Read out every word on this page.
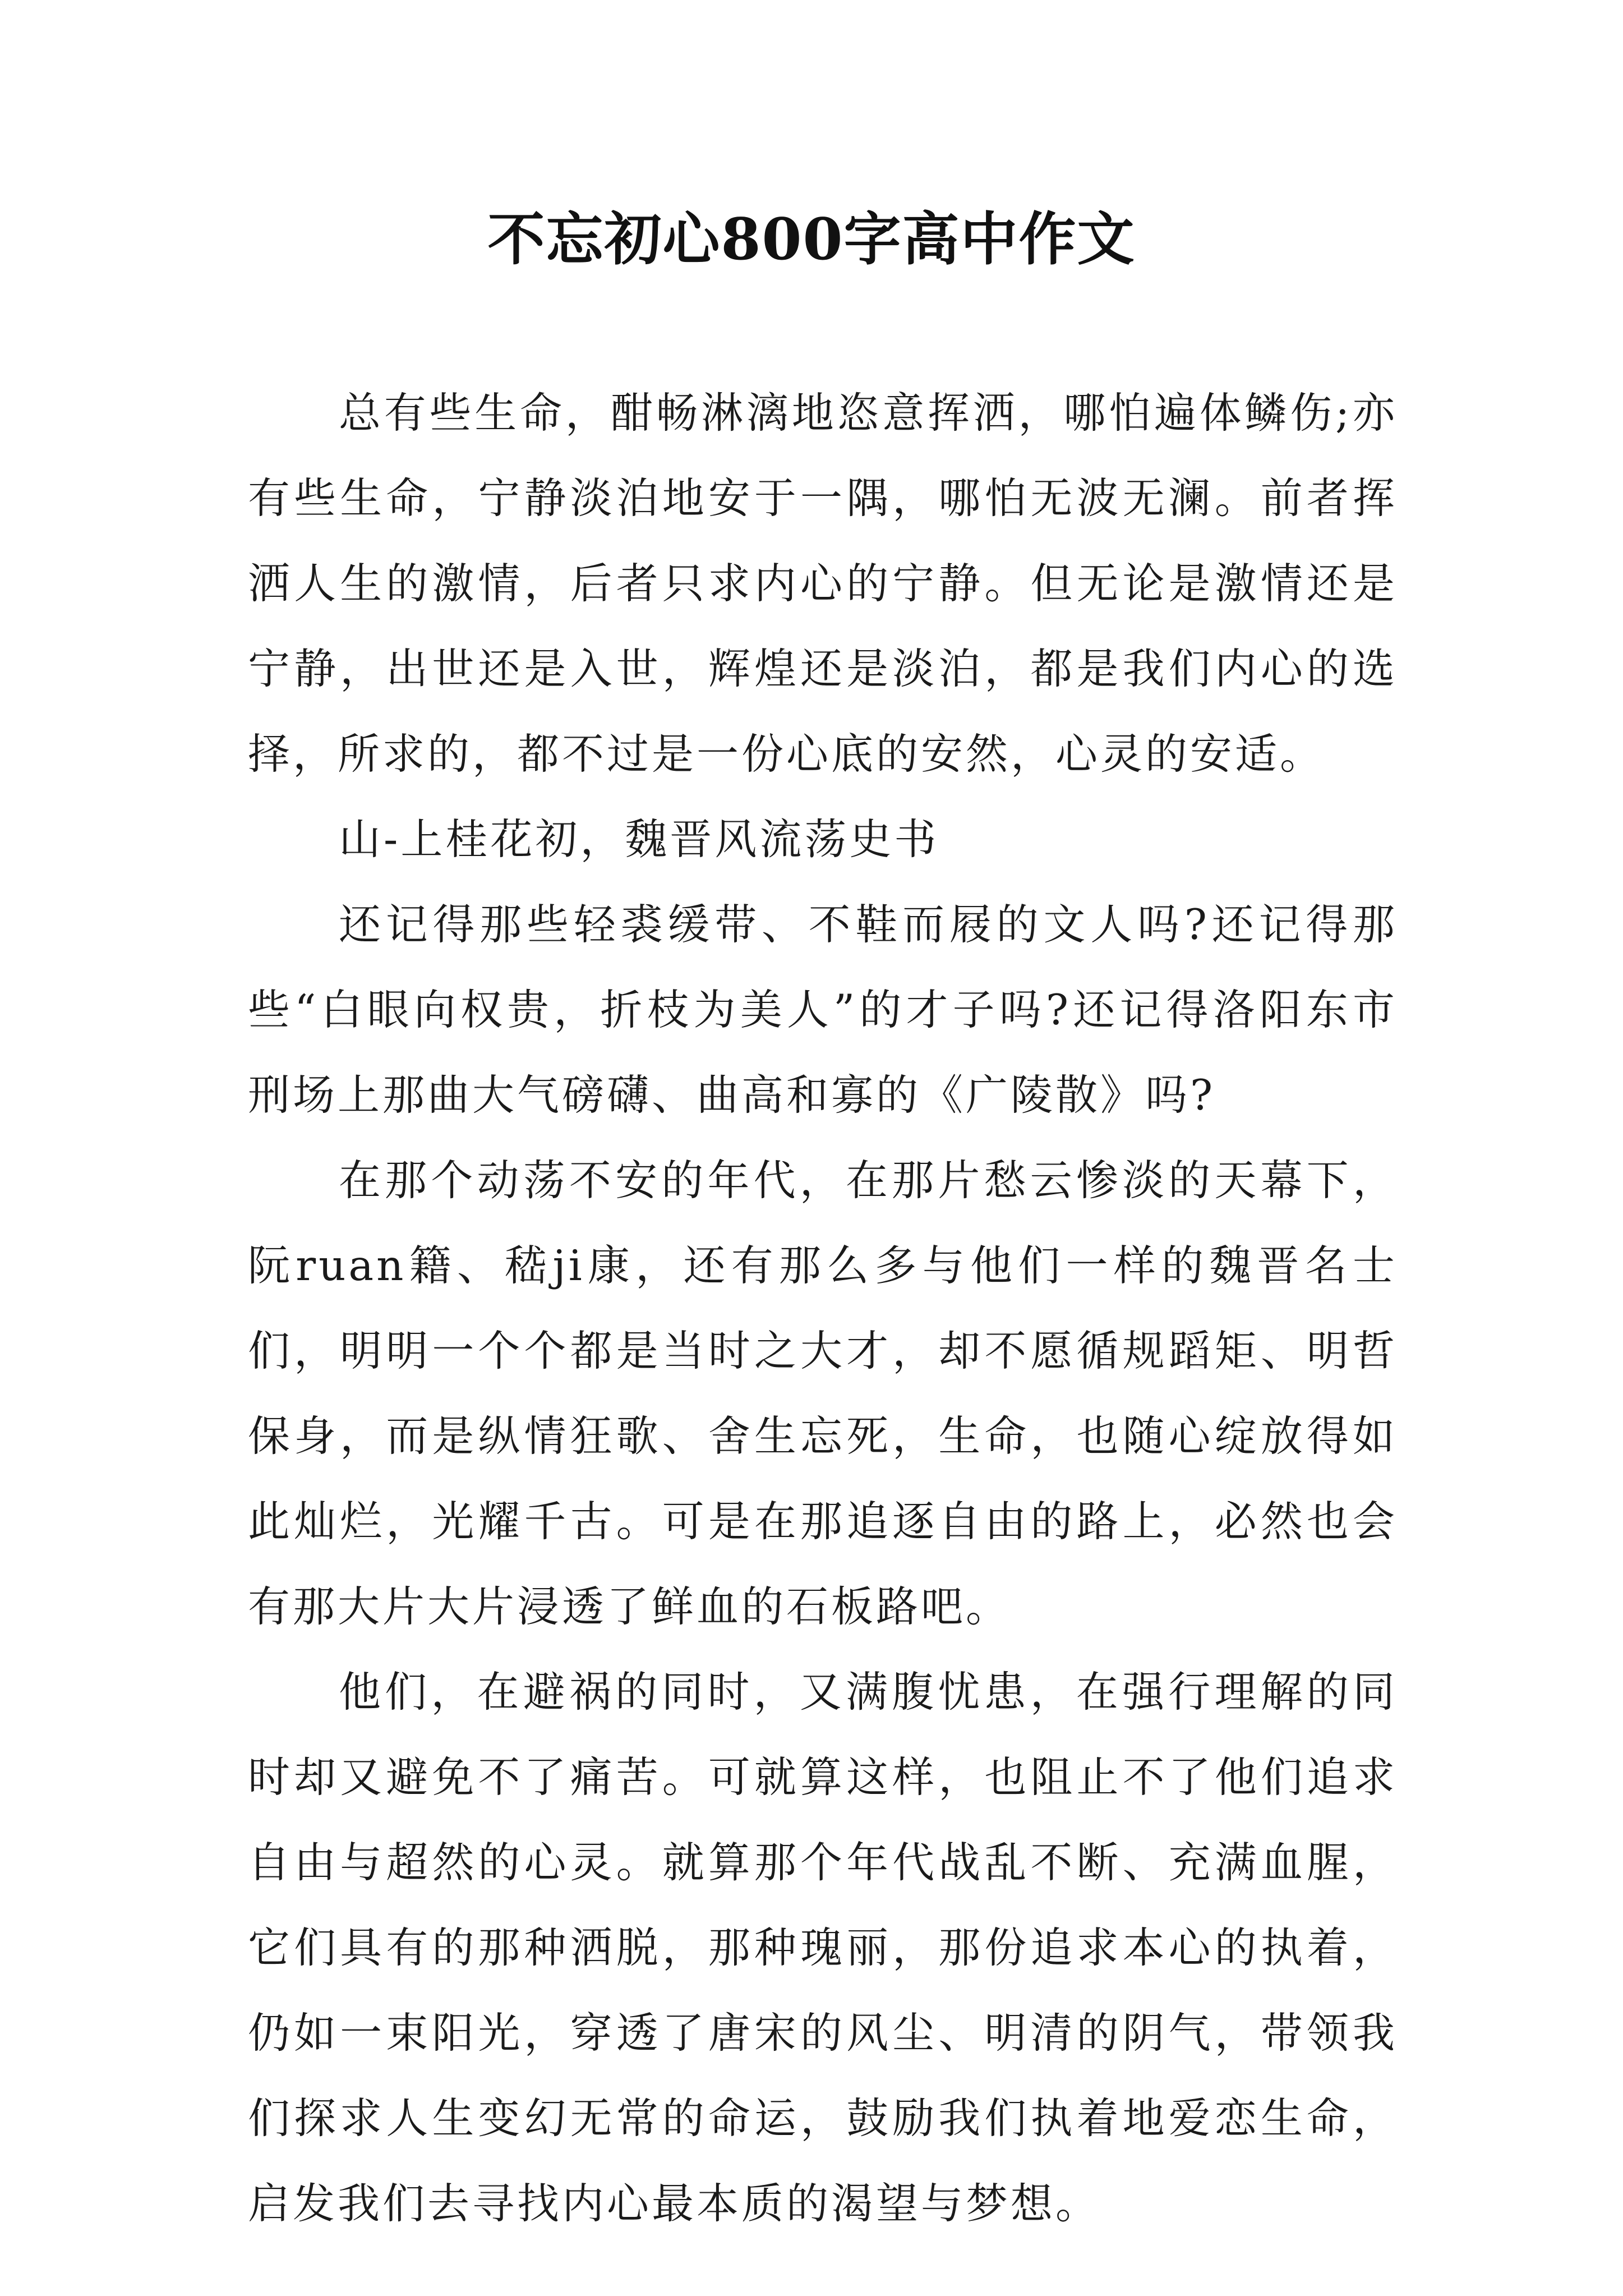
不忘初心800字高中作文

总有些生命，酣畅淋漓地恣意挥洒，哪怕遍体鳞伤;亦有些生命，宁静淡泊地安于一隅，哪怕无波无澜。前者挥洒人生的激情，后者只求内心的宁静。但无论是激情还是宁静，出世还是入世，辉煌还是淡泊，都是我们内心的选择，所求的，都不过是一份心底的安然，心灵的安适。

山-上桂花初，魏晋风流荡史书

还记得那些轻裘缓带、不鞋而屐的文人吗?还记得那些“白眼向权贵，折枝为美人”的才子吗?还记得洛阳东市刑场上那曲大气磅礴、曲高和寡的《广陵散》吗?

在那个动荡不安的年代，在那片愁云惨淡的天幕下，阮ruan籍、嵇ji康，还有那么多与他们一样的魏晋名士们，明明一个个都是当时之大才，却不愿循规蹈矩、明哲保身，而是纵情狂歌、舍生忘死，生命，也随心绽放得如此灿烂，光耀千古。可是在那追逐自由的路上，必然也会有那大片大片浸透了鲜血的石板路吧。

他们，在避祸的同时，又满腹忧患，在强行理解的同时却又避免不了痛苦。可就算这样，也阻止不了他们追求自由与超然的心灵。就算那个年代战乱不断、充满血腥，它们具有的那种洒脱，那种瑰丽，那份追求本心的执着，仍如一束阳光，穿透了唐宋的风尘、明清的阴气，带领我们探求人生变幻无常的命运，鼓励我们执着地爱恋生命，启发我们去寻找内心最本质的渴望与梦想。
